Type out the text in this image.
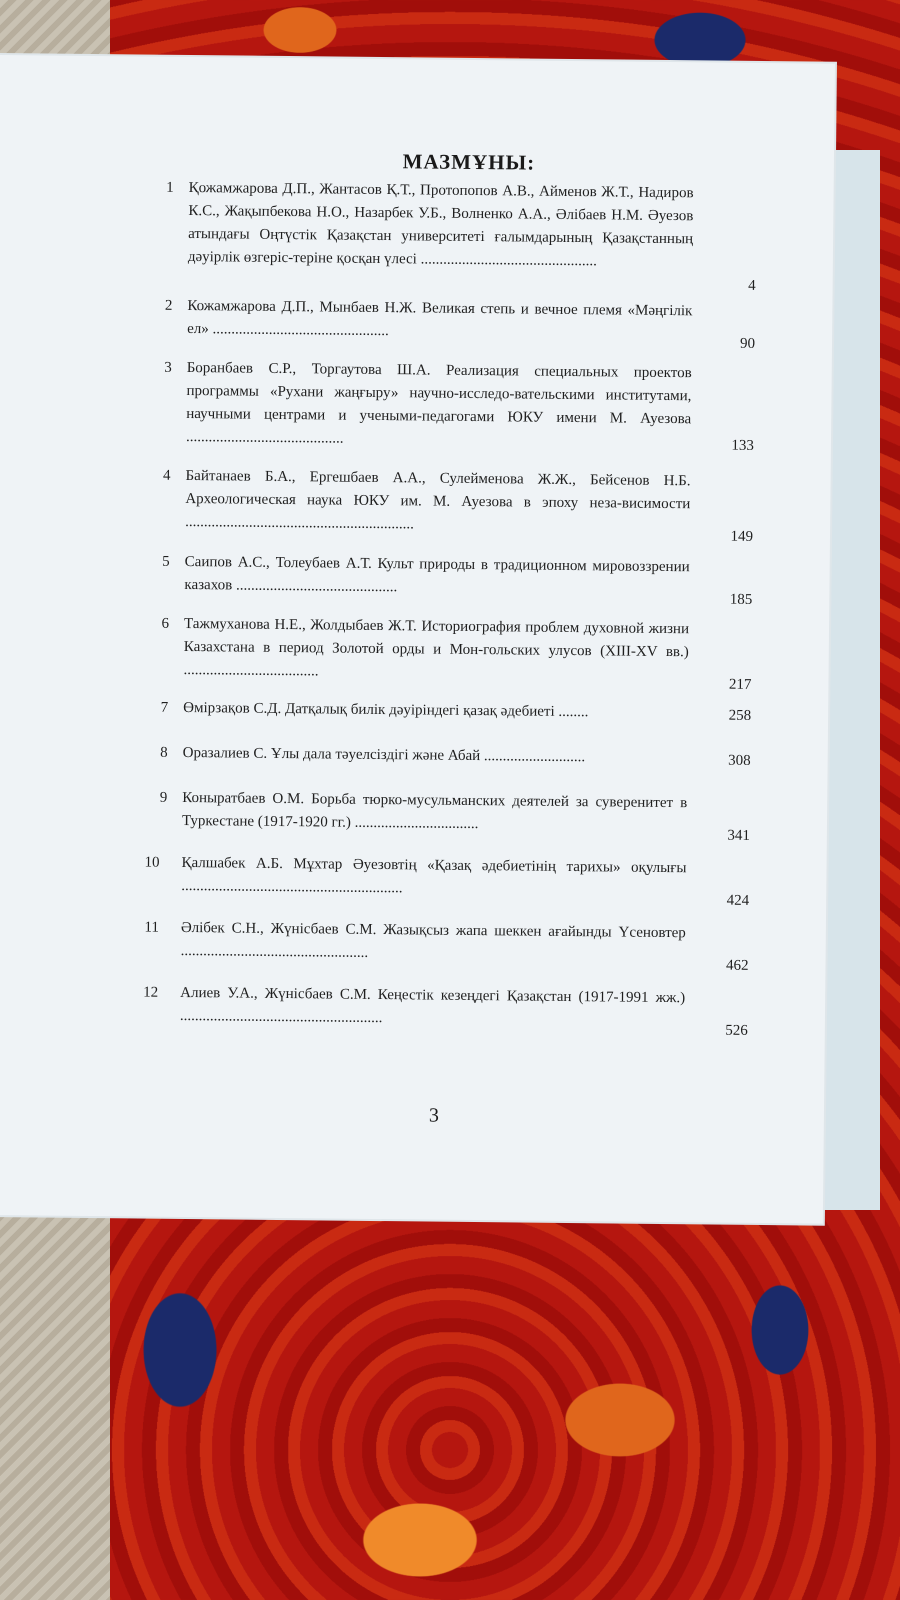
МАЗМҰНЫ:
1 Қожамжарова Д.П., Жантасов Қ.Т., Протопопов А.В., Айменов Ж.Т., Надиров К.С., Жақыпбекова Н.О., Назарбек У.Б., Волненко А.А., Әлібаев Н.М. Әуезов атындағы Оңтүстік Қазақстан университеті ғалымдарының Қазақстанның дәуірлік өзгеріс-теріне қосқан үлесі ...............................................
4
2 Кожамжарова Д.П., Мынбаев Н.Ж. Великая степь и вечное племя «Мәңгілік ел» ...............................................
90
3 Боранбаев С.Р., Торгаутова Ш.А. Реализация специальных проектов программы «Рухани жаңғыру» научно-исследо-вательскими институтами, научными центрами и учеными-педагогами ЮКУ имени М. Ауезова ..........................................	133
4 Байтанаев Б.А., Ергешбаев А.А., Сулейменова Ж.Ж., Бейсенов Н.Б. Археологическая наука ЮКУ им. М. Ауезова в эпоху неза-висимости .............................................................
149
5 Саипов А.С., Толеубаев А.Т. Культ природы в традиционном мировоззрении казахов ...........................................
185
6 Тажмуханова Н.Е., Жолдыбаев Ж.Т. Историография проблем духовной жизни Казахстана в период Золотой орды и Мон-гольских улусов (XIII-XV вв.) ....................................
217
7 Өмірзақов С.Д. Датқалық билік дәуіріндегі қазақ әдебиеті ........	258
8 Оразалиев С. Ұлы дала тәуелсіздігі және Абай ...........................	308
9 Коныратбаев О.М. Борьба тюрко-мусульманских деятелей за суверенитет в Туркестане (1917-1920 гг.) .................................
341
10 Қалшабек А.Б. Мұхтар Әуезовтің «Қазақ әдебиетінің тарихы» оқулығы ...........................................................
424
11 Әлібек С.Н., Жүнісбаев С.М. Жазықсыз жапа шеккен ағайынды Үсеновтер ..................................................
462
12 Алиев У.А., Жүнісбаев С.М. Кеңестік кезеңдегі Қазақстан (1917-1991 жж.) ......................................................
526
3
